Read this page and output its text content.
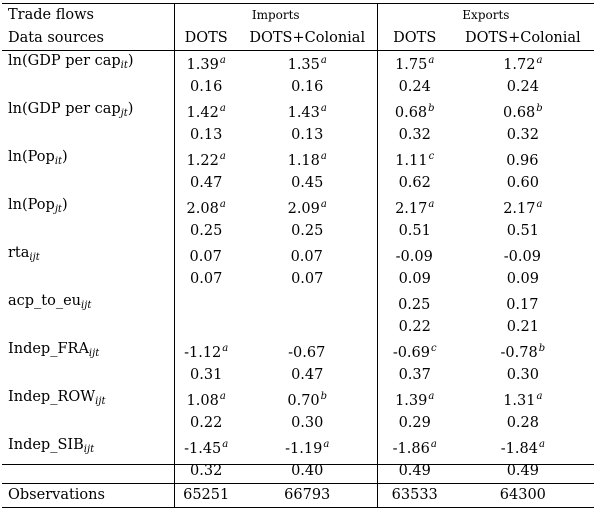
Trade flows	Imports		Exports	
Data sources	DOTS	DOTS+Colonial	DOTS	DOTS+Colonial
ln(GDP per cap$_{it}$)	1.39$^a$	1.35$^a$	1.75$^a$	1.72$^a$
	0.16	0.16	0.24	0.24
ln(GDP per cap$_{jt}$)	1.42$^a$	1.43$^a$	0.68$^b$	0.68$^b$
	0.13	0.13	0.32	0.32
ln(Pop$_{it}$)	1.22$^a$	1.18$^a$	1.11$^c$	0.96
	0.47	0.45	0.62	0.60
ln(Pop$_{jt}$)	2.08$^a$	2.09$^a$	2.17$^a$	2.17$^a$
	0.25	0.25	0.51	0.51
rta$_{ijt}$	0.07	0.07	-0.09	-0.09
	0.07	0.07	0.09	0.09
$acp\_to\_eu_{ijt}$			0.25	0.17
			0.22	0.21
$Indep\_FRA_{ijt}$	-1.12$^a$	-0.67	-0.69$^c$	-0.78$^b$
	0.31	0.47	0.37	0.30
$Indep\_ROW_{ijt}$	1.08$^a$	0.70$^b$	1.39$^a$	1.31$^a$
	0.22	0.30	0.29	0.28
$Indep\_SIB_{ijt}$	-1.45$^a$	-1.19$^a$	-1.86$^a$	-1.84$^a$
	0.32	0.40	0.49	0.49
Observations	65251	66793	63533	64300
